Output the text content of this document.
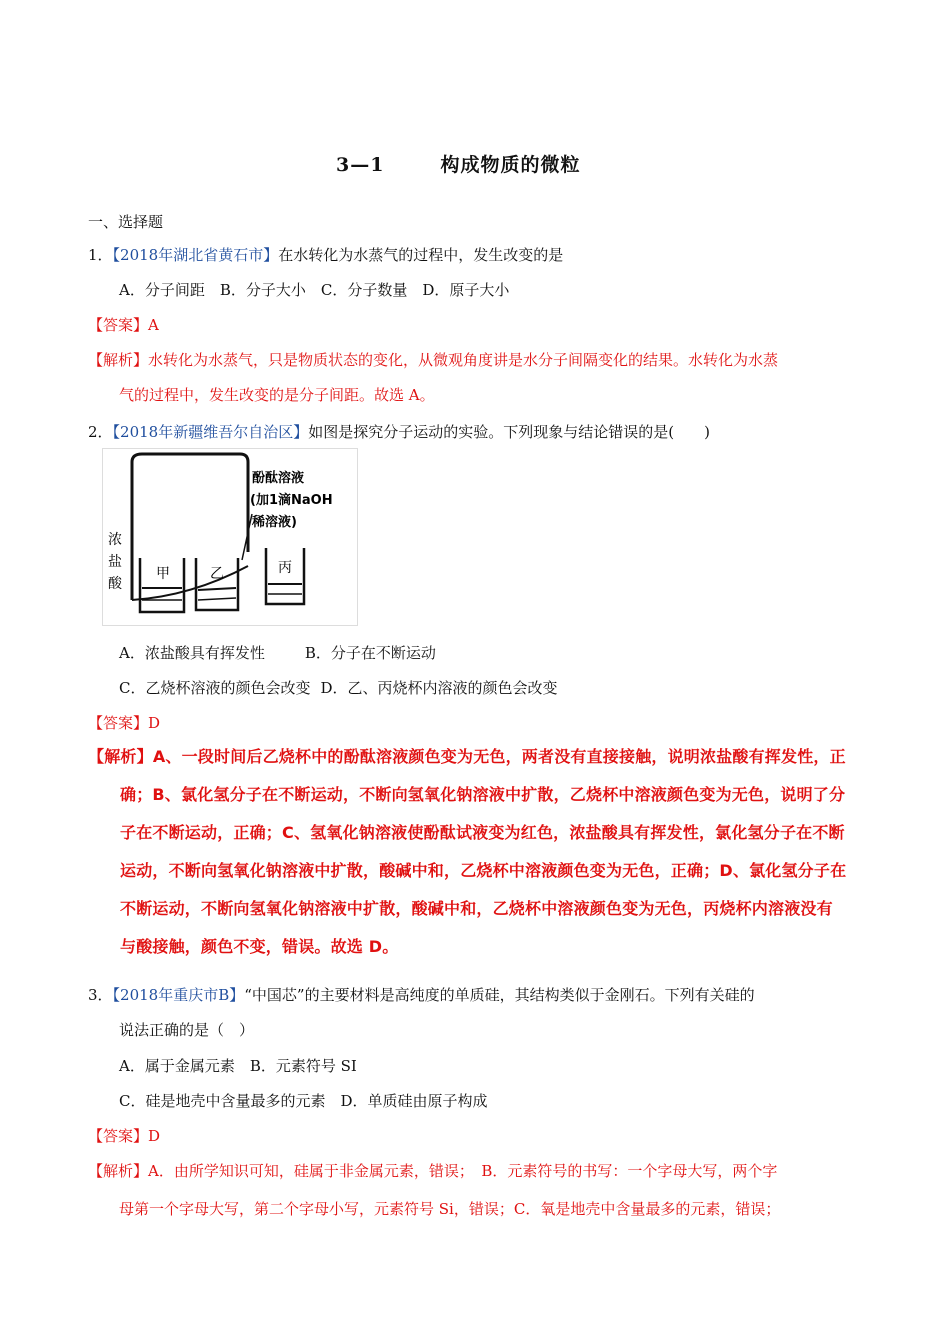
3—1	构成物质的微粒
一、选择题
1．【2018年湖北省黄石市】在水转化为水蒸气的过程中，发生改变的是
A．分子间距　B．分子大小　C．分子数量　D．原子大小
【答案】A
【解析】水转化为水蒸气，只是物质状态的变化，从微观角度讲是水分子间隔变化的结果。水转化为水蒸
气的过程中，发生改变的是分子间距。故选 A。
2．【2018年新疆维吾尔自治区】如图是探究分子运动的实验。下列现象与结论错误的是(　　)
甲	乙	丙
酚酞溶液
(加1滴NaOH
稀溶液)
浓
盐
酸
A．浓盐酸具有挥发性	B．分子在不断运动
C．乙烧杯溶液的颜色会改变 D．乙、丙烧杯内溶液的颜色会改变
【答案】D
【解析】A、一段时间后乙烧杯中的酚酞溶液颜色变为无色，两者没有直接接触，说明浓盐酸有挥发性，正
确；B、氯化氢分子在不断运动，不断向氢氧化钠溶液中扩散，乙烧杯中溶液颜色变为无色，说明了分
子在不断运动，正确；C、氢氧化钠溶液使酚酞试液变为红色，浓盐酸具有挥发性，氯化氢分子在不断
运动，不断向氢氧化钠溶液中扩散，酸碱中和，乙烧杯中溶液颜色变为无色，正确；D、氯化氢分子在
不断运动，不断向氢氧化钠溶液中扩散，酸碱中和，乙烧杯中溶液颜色变为无色，丙烧杯内溶液没有
与酸接触，颜色不变，错误。故选 D。
3．【2018年重庆市B】“中国芯”的主要材料是高纯度的单质硅，其结构类似于金刚石。下列有关硅的
说法正确的是（　）
A．属于金属元素　B．元素符号 SI
C．硅是地壳中含量最多的元素　D．单质硅由原子构成
【答案】D
【解析】A．由所学知识可知，硅属于非金属元素，错误；　B．元素符号的书写：一个字母大写，两个字
母第一个字母大写，第二个字母小写，元素符号 Si，错误；C．氧是地壳中含量最多的元素，错误；
